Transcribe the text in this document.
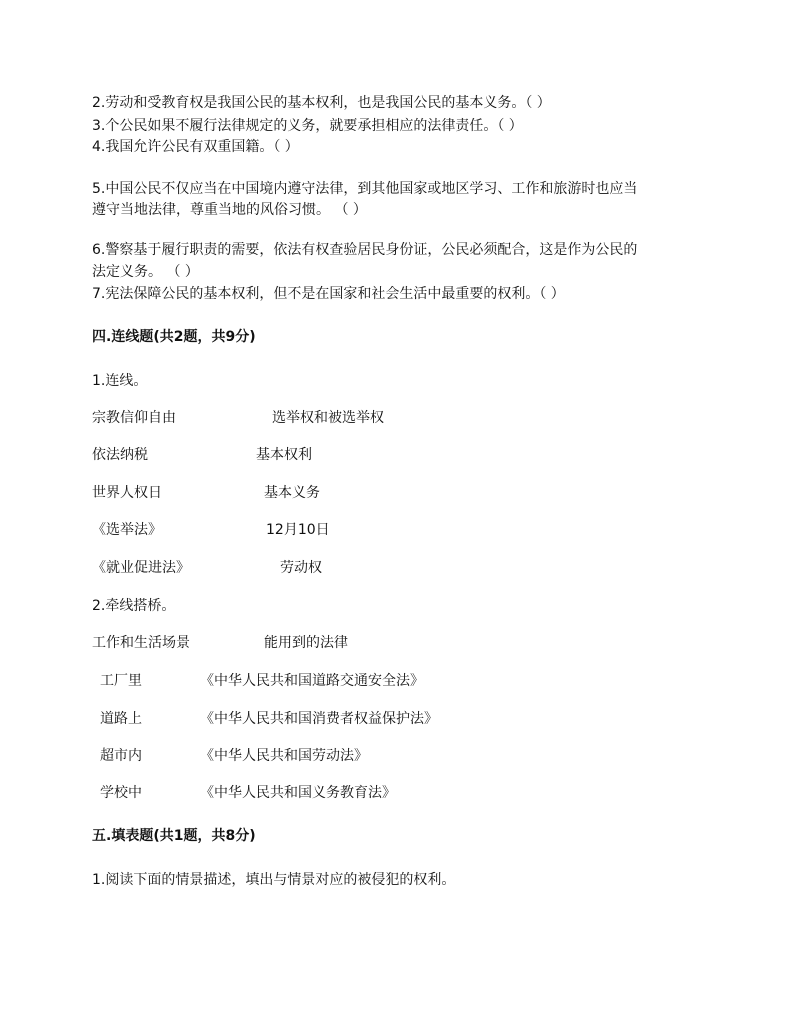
2.劳动和受教育权是我国公民的基本权利，也是我国公民的基本义务。（ ）
3.个公民如果不履行法律规定的义务，就要承担相应的法律责任。（ ）
4.我国允许公民有双重国籍。（ ）
5.中国公民不仅应当在中国境内遵守法律，到其他国家或地区学习、工作和旅游时也应当
遵守当地法律，尊重当地的风俗习惯。 （ ）
6.警察基于履行职责的需要，依法有权查验居民身份证，公民必须配合，这是作为公民的
法定义务。 （ ）
7.宪法保障公民的基本权利，但不是在国家和社会生活中最重要的权利。（ ）
四.连线题(共2题，共9分)
1.连线。
宗教信仰自由	选举权和被选举权
依法纳税	基本权利
世界人权日	基本义务
《选举法》	12月10日
《就业促进法》	劳动权
2.牵线搭桥。
工作和生活场景	能用到的法律
工厂里	《中华人民共和国道路交通安全法》
道路上	《中华人民共和国消费者权益保护法》
超市内	《中华人民共和国劳动法》
学校中	《中华人民共和国义务教育法》
五.填表题(共1题，共8分)
1.阅读下面的情景描述，填出与情景对应的被侵犯的权利。
